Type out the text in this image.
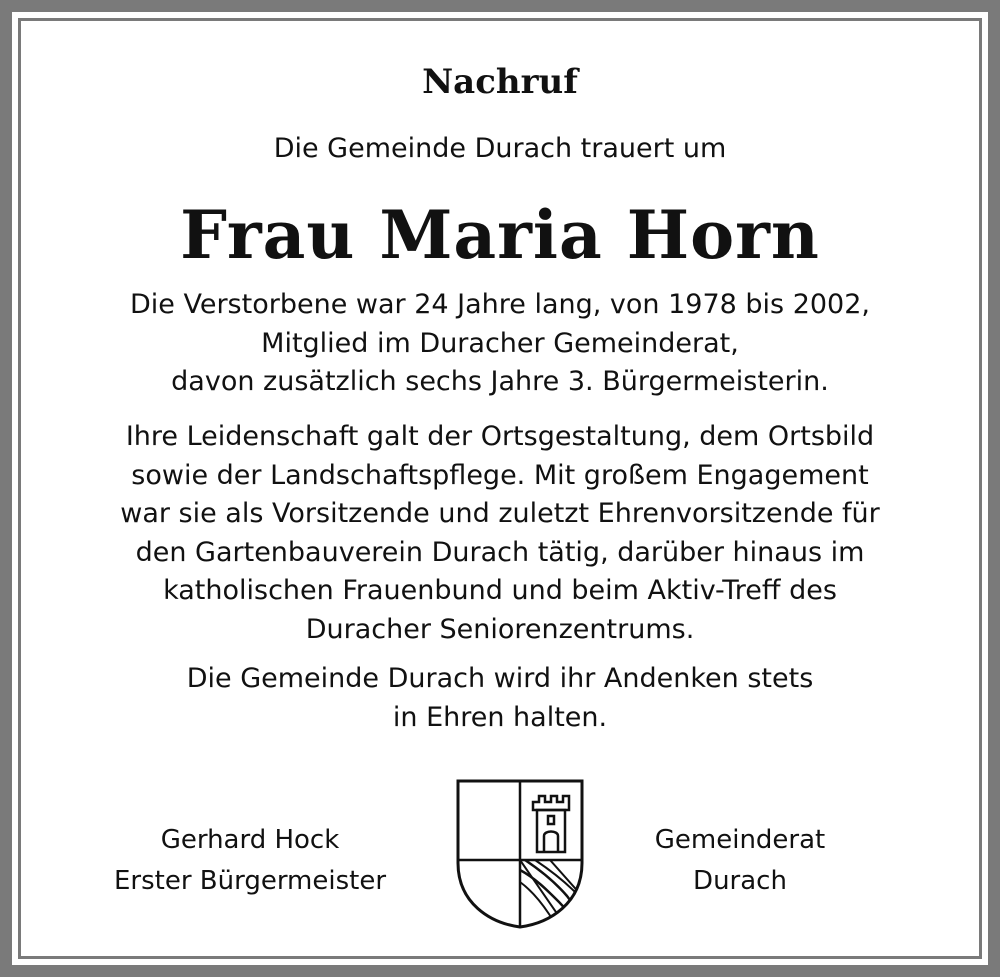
Nachruf
Die Gemeinde Durach trauert um
Frau Maria Horn
Die Verstorbene war 24 Jahre lang, von 1978 bis 2002,
Mitglied im Duracher Gemeinderat,
davon zusätzlich sechs Jahre 3. Bürgermeisterin.
Ihre Leidenschaft galt der Ortsgestaltung, dem Ortsbild
sowie der Landschaftspflege. Mit großem Engagement
war sie als Vorsitzende und zuletzt Ehrenvorsitzende für
den Gartenbauverein Durach tätig, darüber hinaus im
katholischen Frauenbund und beim Aktiv-Treff des
Duracher Seniorenzentrums.
Die Gemeinde Durach wird ihr Andenken stets
in Ehren halten.
Gerhard Hock
Erster Bürgermeister
Gemeinderat
Durach
